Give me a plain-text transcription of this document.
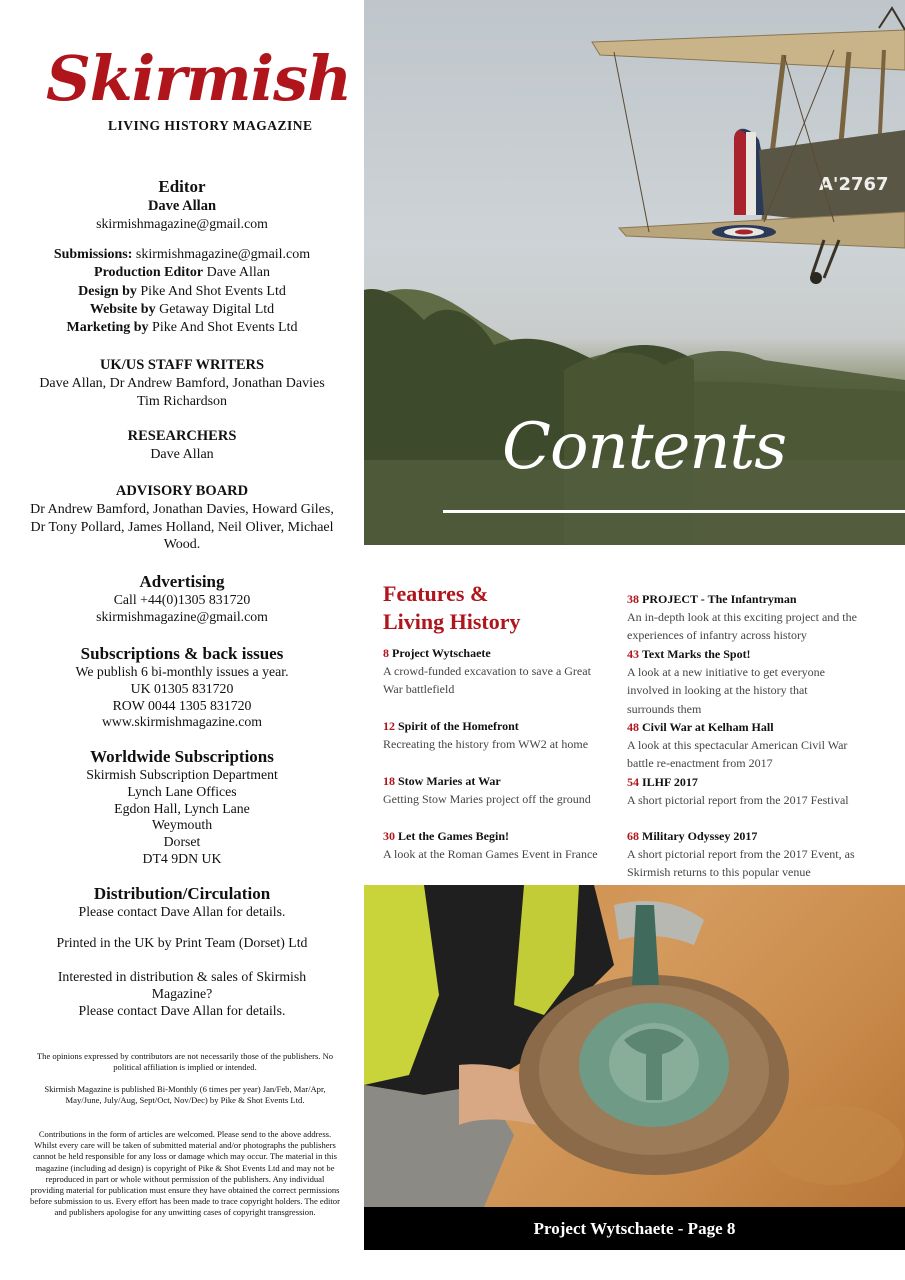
Skirmish
LIVING HISTORY MAGAZINE
Editor
Dave Allan
skirmishmagazine@gmail.com
Submissions: skirmishmagazine@gmail.com
Production Editor Dave Allan
Design by Pike And Shot Events Ltd
Website by Getaway Digital Ltd
Marketing by Pike And Shot Events Ltd
UK/US STAFF WRITERS
Dave Allan, Dr Andrew Bamford, Jonathan Davies
Tim Richardson
RESEARCHERS
Dave Allan
ADVISORY BOARD
Dr Andrew Bamford, Jonathan Davies, Howard Giles,
Dr Tony Pollard, James Holland, Neil Oliver, Michael
Wood.
Advertising
Call +44(0)1305 831720
skirmishmagazine@gmail.com
Subscriptions & back issues
We publish 6 bi-monthly issues a year.
UK 01305 831720
ROW 0044 1305 831720
www.skirmishmagazine.com
Worldwide Subscriptions
Skirmish Subscription Department
Lynch Lane Offices
Egdon Hall, Lynch Lane
Weymouth
Dorset
DT4 9DN UK
Distribution/Circulation
Please contact Dave Allan for details.
Printed in the UK by Print Team (Dorset) Ltd
Interested in distribution & sales of Skirmish
Magazine?
Please contact Dave Allan for details.
The opinions expressed by contributors are not necessarily those of the publishers. No political affiliation is implied or intended.
Skirmish Magazine is published Bi-Monthly (6 times per year) Jan/Feb, Mar/Apr, May/June, July/Aug, Sept/Oct, Nov/Dec) by Pike & Shot Events Ltd.
Contributions in the form of articles are welcomed. Please send to the above address. Whilst every care will be taken of submitted material and/or photographs the publishers cannot be held responsible for any loss or damage which may occur. The material in this magazine (including ad design) is copyright of Pike & Shot Events Ltd and may not be reproduced in part or whole without permission of the publishers. Any individual providing material for publication must ensure they have obtained the correct permissions before submission to us. Every effort has been made to trace copyright holders. The editor and publishers apologise for any unwitting cases of copyright transgression.
A'2767
Contents
Features &
Living History
8 Project Wytschaete
A crowd-funded excavation to save a Great War battlefield
12 Spirit of the Homefront
Recreating the history from WW2 at home
18 Stow Maries at War
Getting Stow Maries project off the ground
30 Let the Games Begin!
A look at the Roman Games Event in France
38 PROJECT - The Infantryman
An in-depth look at this exciting project and the experiences of infantry across history
43 Text Marks the Spot!
A look at a new initiative to get everyone involved in looking at the history that surrounds them
48 Civil War at Kelham Hall
A look at this spectacular American Civil War battle re-enactment from 2017
54 ILHF 2017
A short pictorial report from the 2017 Festival
68 Military Odyssey 2017
A short pictorial report from the 2017 Event, as Skirmish returns to this popular venue
Project Wytschaete - Page 8
